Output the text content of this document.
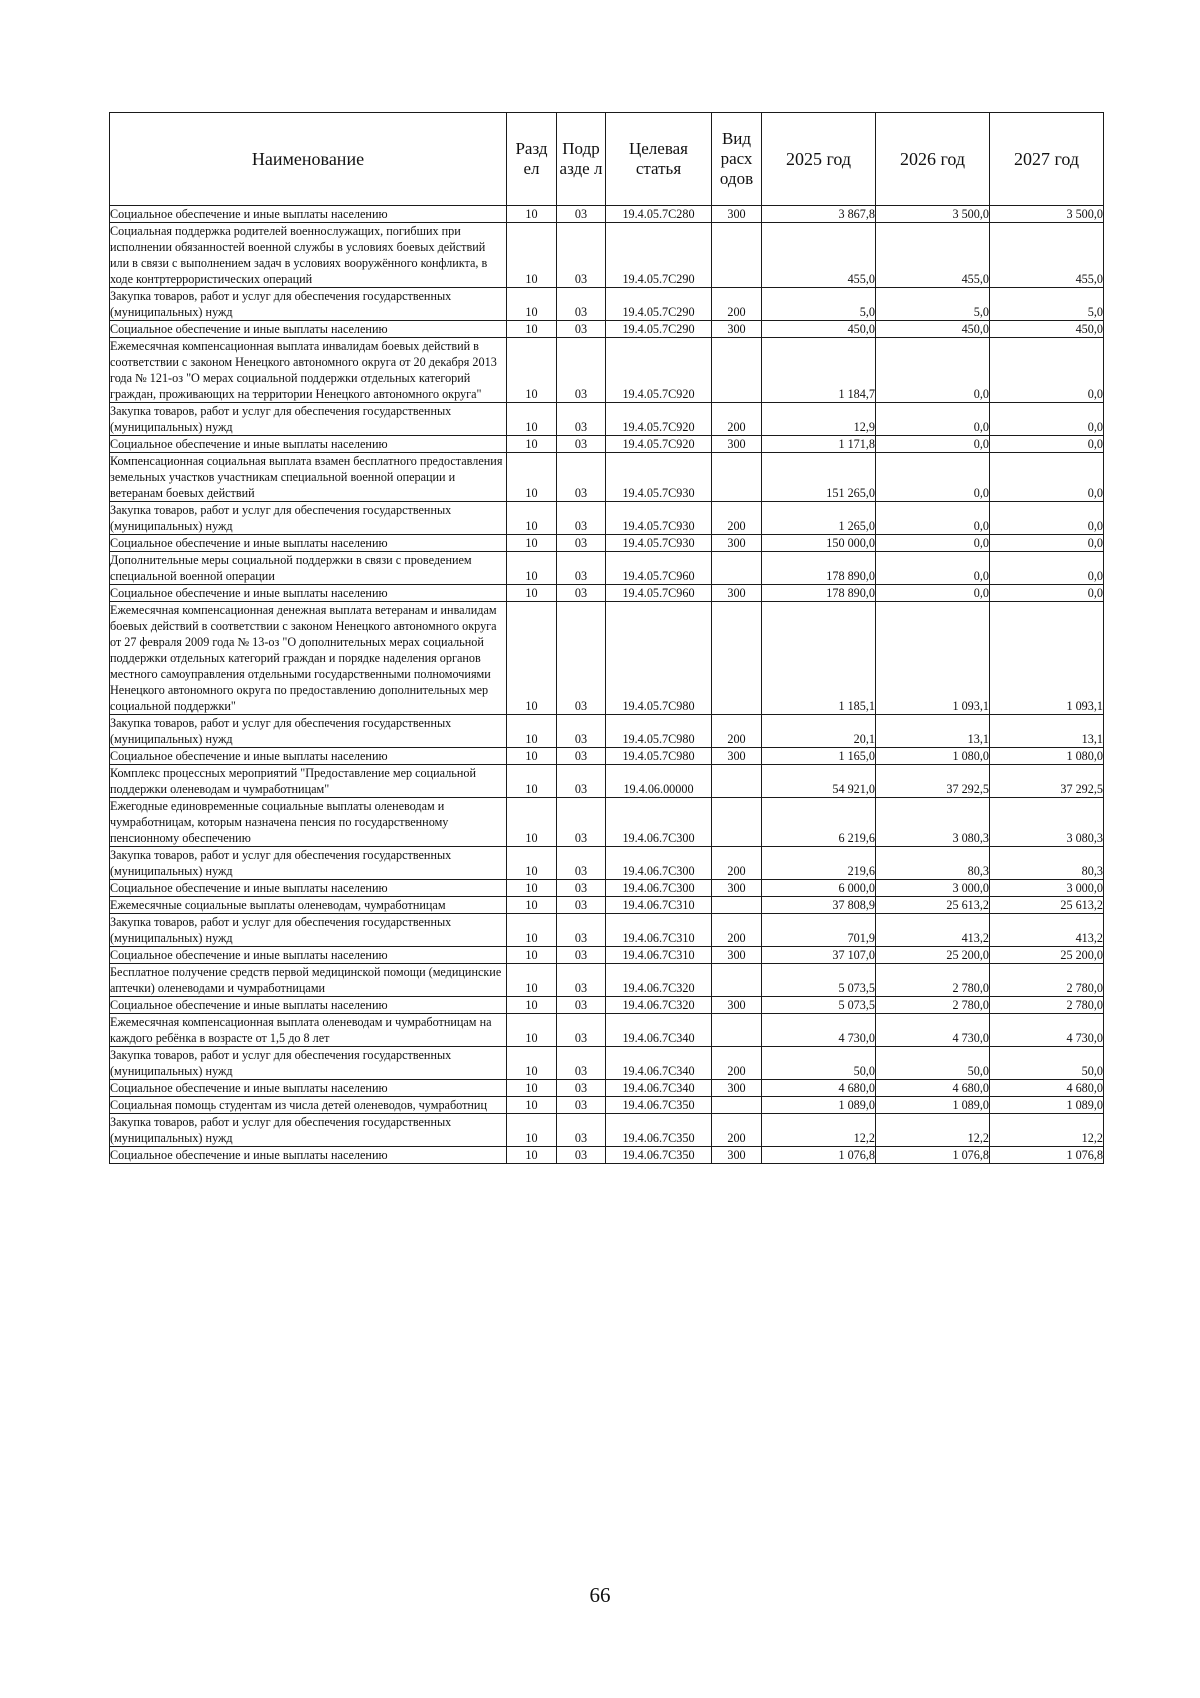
Наименование	Разд ел	Подр азде л	Целевая статья	Вид расх одов	2025 год	2026 год	2027 год
Социальное обеспечение и иные выплаты населению	10	03	19.4.05.7С280	300	3 867,8	3 500,0	3 500,0
Социальная поддержка родителей военнослужащих, погибших при исполнении обязанностей военной службы в условиях боевых действий или в связи с выполнением задач в условиях вооружённого конфликта, в ходе контртеррористических операций	10	03	19.4.05.7С290		455,0	455,0	455,0
Закупка товаров, работ и услуг для обеспечения государственных (муниципальных) нужд	10	03	19.4.05.7С290	200	5,0	5,0	5,0
Социальное обеспечение и иные выплаты населению	10	03	19.4.05.7С290	300	450,0	450,0	450,0
Ежемесячная компенсационная выплата инвалидам боевых действий в соответствии с законом Ненецкого автономного округа от 20 декабря 2013 года № 121-оз "О мерах социальной поддержки отдельных категорий граждан, проживающих на территории Ненецкого автономного округа"	10	03	19.4.05.7С920		1 184,7	0,0	0,0
Закупка товаров, работ и услуг для обеспечения государственных (муниципальных) нужд	10	03	19.4.05.7С920	200	12,9	0,0	0,0
Социальное обеспечение и иные выплаты населению	10	03	19.4.05.7С920	300	1 171,8	0,0	0,0
Компенсационная социальная выплата взамен бесплатного предоставления земельных участков участникам специальной военной операции и ветеранам боевых действий	10	03	19.4.05.7С930		151 265,0	0,0	0,0
Закупка товаров, работ и услуг для обеспечения государственных (муниципальных) нужд	10	03	19.4.05.7С930	200	1 265,0	0,0	0,0
Социальное обеспечение и иные выплаты населению	10	03	19.4.05.7С930	300	150 000,0	0,0	0,0
Дополнительные меры социальной поддержки в связи с проведением специальной военной операции	10	03	19.4.05.7С960		178 890,0	0,0	0,0
Социальное обеспечение и иные выплаты населению	10	03	19.4.05.7С960	300	178 890,0	0,0	0,0
Ежемесячная компенсационная денежная выплата ветеранам и инвалидам боевых действий в соответствии с законом Ненецкого автономного округа от 27 февраля 2009 года № 13-оз "О дополнительных мерах социальной поддержки отдельных категорий граждан и порядке наделения органов местного самоуправления отдельными государственными полномочиями Ненецкого автономного округа по предоставлению дополнительных мер социальной поддержки"	10	03	19.4.05.7С980		1 185,1	1 093,1	1 093,1
Закупка товаров, работ и услуг для обеспечения государственных (муниципальных) нужд	10	03	19.4.05.7С980	200	20,1	13,1	13,1
Социальное обеспечение и иные выплаты населению	10	03	19.4.05.7С980	300	1 165,0	1 080,0	1 080,0
Комплекс процессных мероприятий "Предоставление мер социальной поддержки оленеводам и чумработницам"	10	03	19.4.06.00000		54 921,0	37 292,5	37 292,5
Ежегодные единовременные социальные выплаты оленеводам и чумработницам, которым назначена пенсия по государственному пенсионному обеспечению	10	03	19.4.06.7С300		6 219,6	3 080,3	3 080,3
Закупка товаров, работ и услуг для обеспечения государственных (муниципальных) нужд	10	03	19.4.06.7С300	200	219,6	80,3	80,3
Социальное обеспечение и иные выплаты населению	10	03	19.4.06.7С300	300	6 000,0	3 000,0	3 000,0
Ежемесячные социальные выплаты оленеводам, чумработницам	10	03	19.4.06.7С310		37 808,9	25 613,2	25 613,2
Закупка товаров, работ и услуг для обеспечения государственных (муниципальных) нужд	10	03	19.4.06.7С310	200	701,9	413,2	413,2
Социальное обеспечение и иные выплаты населению	10	03	19.4.06.7С310	300	37 107,0	25 200,0	25 200,0
Бесплатное получение средств первой медицинской помощи (медицинские аптечки) оленеводами и чумработницами	10	03	19.4.06.7С320		5 073,5	2 780,0	2 780,0
Социальное обеспечение и иные выплаты населению	10	03	19.4.06.7С320	300	5 073,5	2 780,0	2 780,0
Ежемесячная компенсационная выплата оленеводам и чумработницам на каждого ребёнка в возрасте от 1,5 до 8 лет	10	03	19.4.06.7С340		4 730,0	4 730,0	4 730,0
Закупка товаров, работ и услуг для обеспечения государственных (муниципальных) нужд	10	03	19.4.06.7С340	200	50,0	50,0	50,0
Социальное обеспечение и иные выплаты населению	10	03	19.4.06.7С340	300	4 680,0	4 680,0	4 680,0
Социальная помощь студентам из числа детей оленеводов, чумработниц	10	03	19.4.06.7С350		1 089,0	1 089,0	1 089,0
Закупка товаров, работ и услуг для обеспечения государственных (муниципальных) нужд	10	03	19.4.06.7С350	200	12,2	12,2	12,2
Социальное обеспечение и иные выплаты населению	10	03	19.4.06.7С350	300	1 076,8	1 076,8	1 076,8
66
